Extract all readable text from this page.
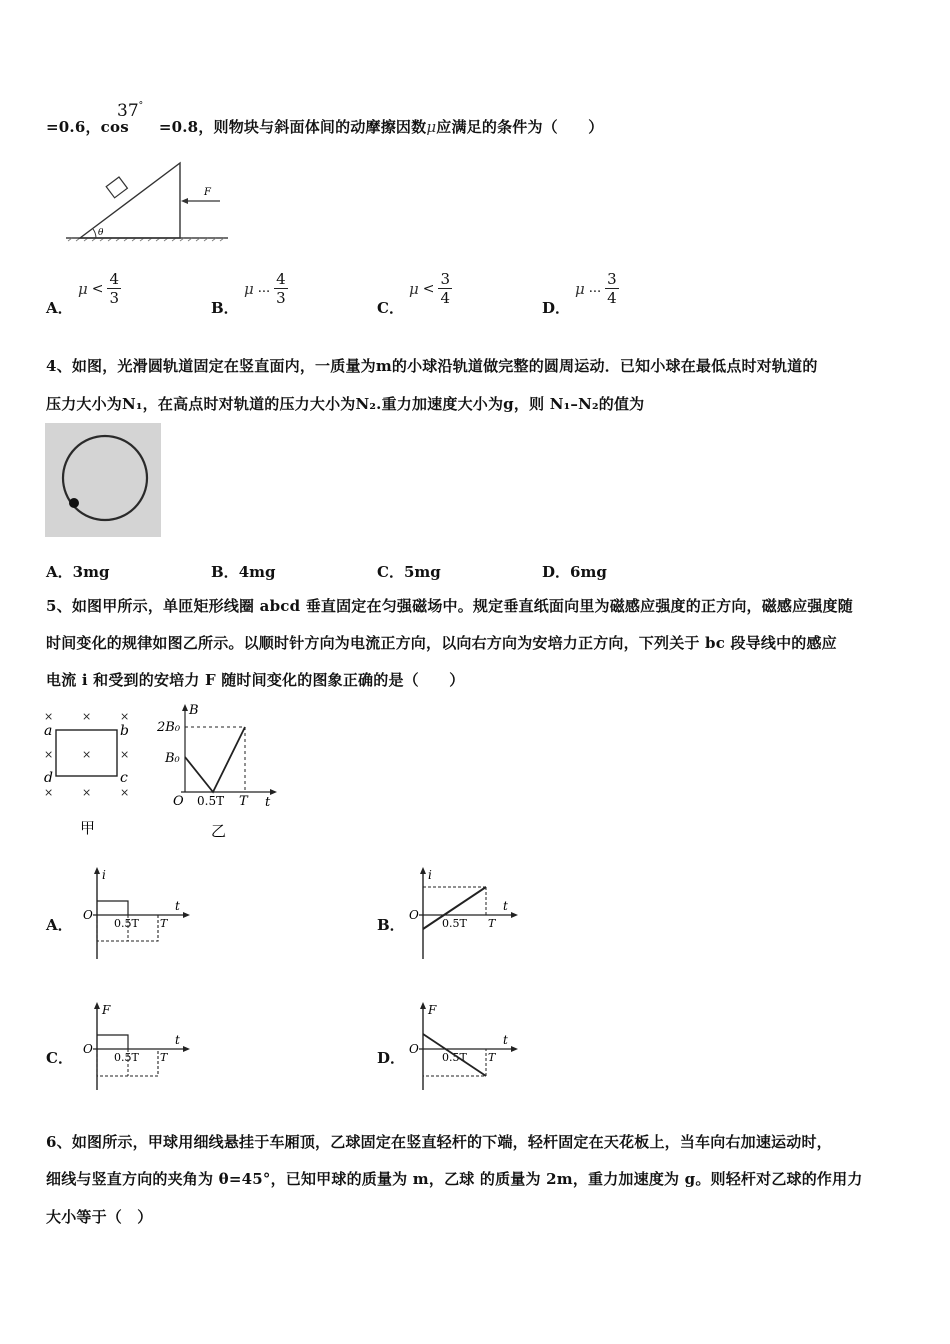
=0.6，cos =0.8，则物块与斜面体间的动摩擦因数μ应满足的条件为（　　）
37°
θ
F
A．
$\mu < \frac{4}{3}$
B．
μ ... $\frac{4}{3}$
C．
$\mu < \frac{3}{4}$
D．
μ ... $\frac{3}{4}$
4、如图，光滑圆轨道固定在竖直面内，一质量为m的小球沿轨道做完整的圆周运动．已知小球在最低点时对轨道的
压力大小为N₁，在高点时对轨道的压力大小为N₂.重力加速度大小为g，则 N₁–N₂的值为
A．3mg	B．4mg	C．5mg	D．6mg
5、如图甲所示，单匝矩形线圈 abcd 垂直固定在匀强磁场中。规定垂直纸面向里为磁感应强度的正方向，磁感应强度随
时间变化的规律如图乙所示。以顺时针方向为电流正方向，以向右方向为安培力正方向，下列关于 bc 段导线中的感应
电流 i 和受到的安培力 F 随时间变化的图象正确的是（　　）
×	×	×
×	×	×
×	×	×
a	b
c
d
甲
B
t
O
2B₀
B₀
0.5T T
乙
A．
i
t
O
0.5T T	B．
i
t
O
0.5T T
C．
F
t
O
0.5T T	D．
F
t
O
0.5T T
6、如图所示，甲球用细线悬挂于车厢顶，乙球固定在竖直轻杆的下端，轻杆固定在天花板上，当车向右加速运动时，
细线与竖直方向的夹角为 θ=45°，已知甲球的质量为 m，乙球 的质量为 2m，重力加速度为 g。则轻杆对乙球的作用力
大小等于（　）
